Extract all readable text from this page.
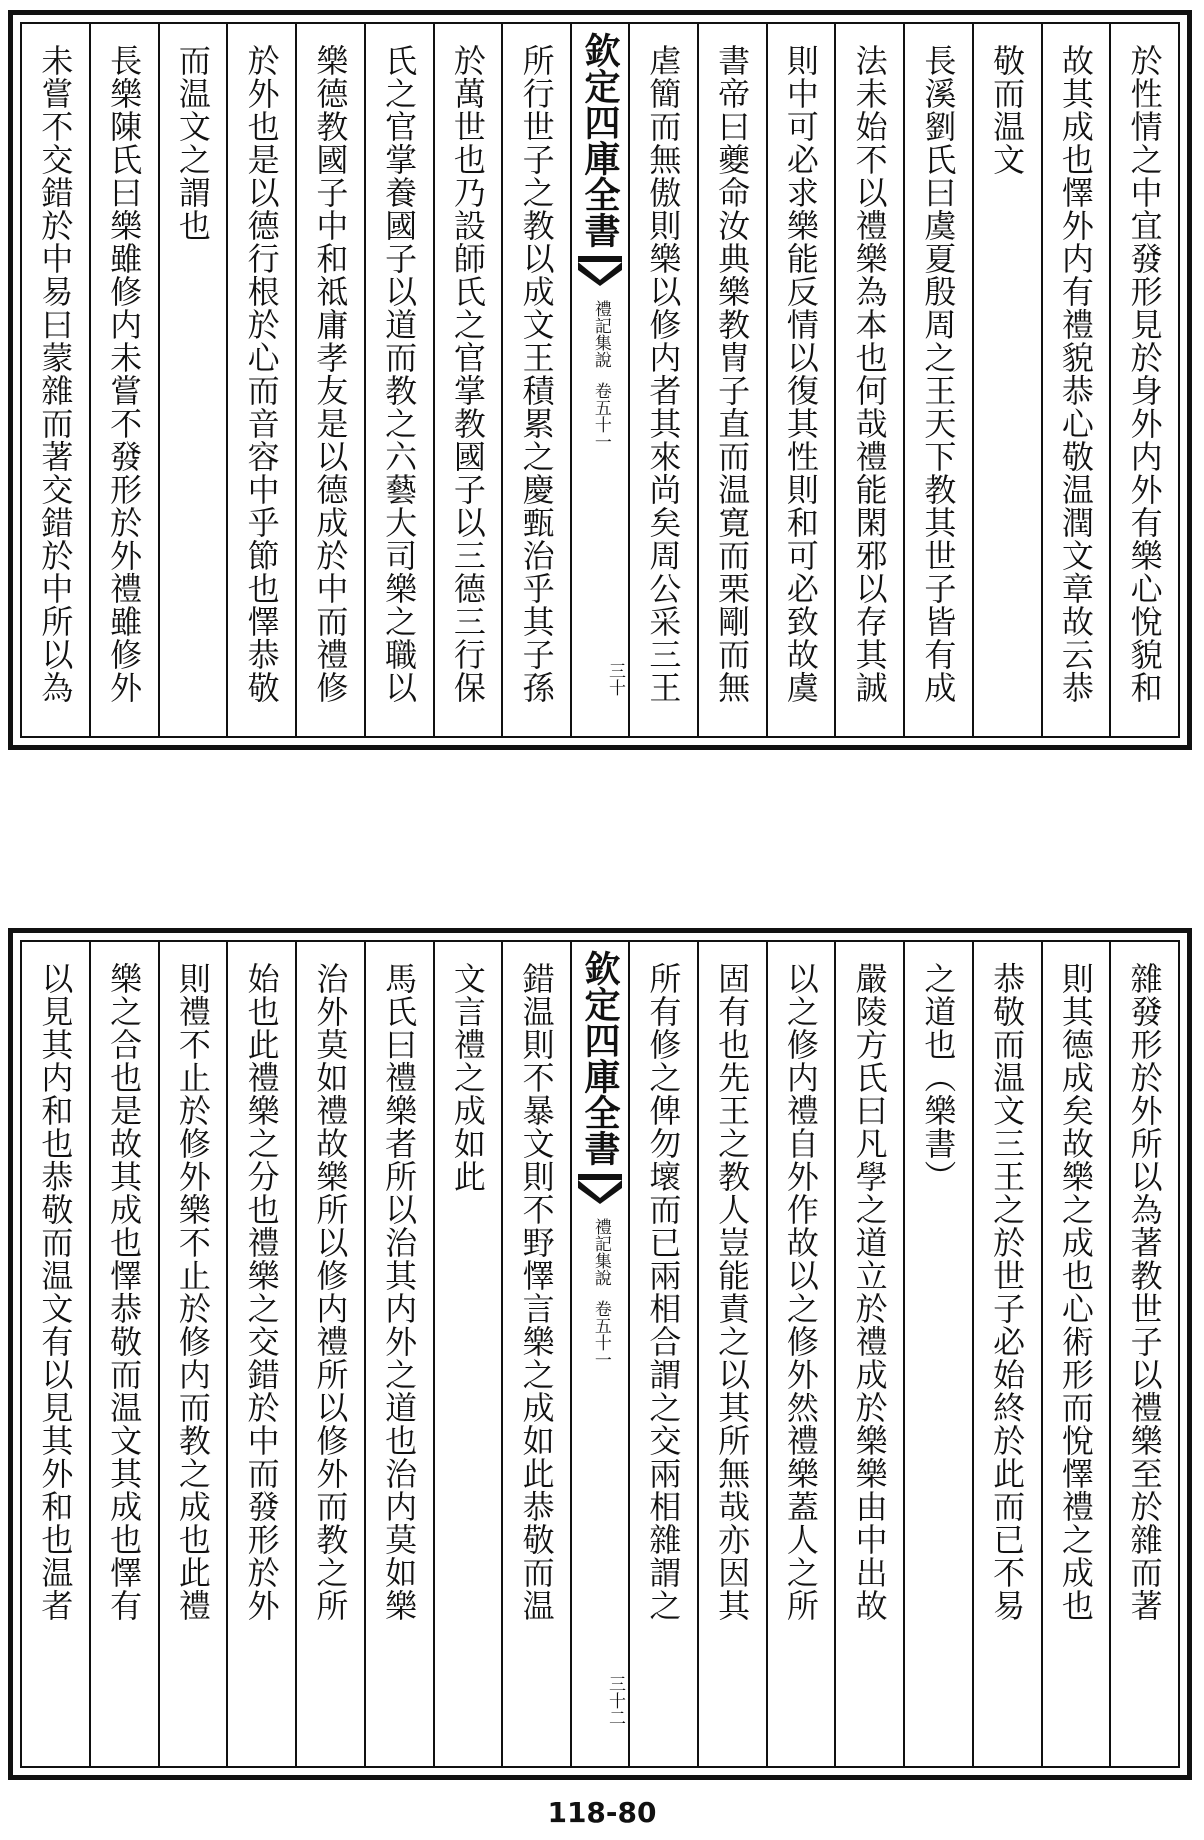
於性情之中宜發形見於身外内外有樂心悅貌和
故其成也懌外内有禮貌恭心敬温潤文章故云恭
敬而温文
長溪劉氏曰虞夏殷周之王天下教其世子皆有成
法未始不以禮樂為本也何哉禮能閑邪以存其誠
則中可必求樂能反情以復其性則和可必致故虞
書帝曰夔命汝典樂教冑子直而温寛而栗剛而無
虐簡而無傲則樂以修内者其來尚矣周公采三王
欽定四庫全書
禮記集說
卷五十一
三十
所行世子之教以成文王積累之慶甄治乎其子孫
於萬世也乃設師氏之官掌教國子以三德三行保
氏之官掌養國子以道而教之六藝大司樂之職以
樂德教國子中和祗庸孝友是以德成於中而禮修
於外也是以德行根於心而音容中乎節也懌恭敬
而温文之謂也
長樂陳氏曰樂雖修内未嘗不發形於外禮雖修外
未嘗不交錯於中易曰蒙雜而著交錯於中所以為
雜發形於外所以為著教世子以禮樂至於雜而著
則其德成矣故樂之成也心術形而悅懌禮之成也
恭敬而温文三王之於世子必始終於此而已不易
之道也（樂書）
嚴陵方氏曰凡學之道立於禮成於樂樂由中出故
以之修内禮自外作故以之修外然禮樂蓋人之所
固有也先王之教人豈能責之以其所無哉亦因其
所有修之俾勿壞而已兩相合謂之交兩相雜謂之
欽定四庫全書
禮記集說
卷五十一
三十二
錯温則不暴文則不野懌言樂之成如此恭敬而温
文言禮之成如此
馬氏曰禮樂者所以治其内外之道也治内莫如樂
治外莫如禮故樂所以修内禮所以修外而教之所
始也此禮樂之分也禮樂之交錯於中而發形於外
則禮不止於修外樂不止於修内而教之成也此禮
樂之合也是故其成也懌恭敬而温文其成也懌有
以見其内和也恭敬而温文有以見其外和也温者
118-80
